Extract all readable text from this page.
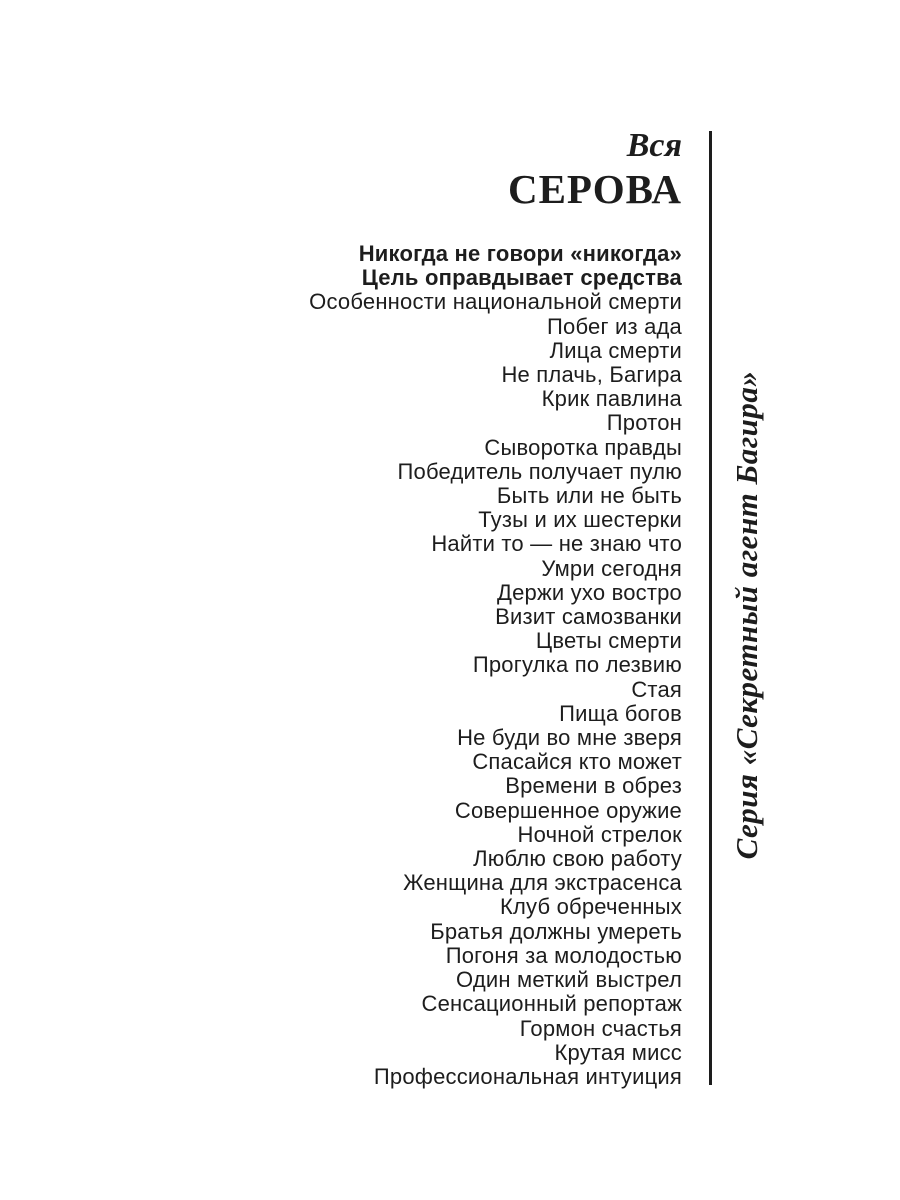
Вся
СЕРОВА
Никогда не говори «никогда»
Цель оправдывает средства
Особенности национальной смерти
Побег из ада
Лица смерти
Не плачь, Багира
Крик павлина
Протон
Сыворотка правды
Победитель получает пулю
Быть или не быть
Тузы и их шестерки
Найти то — не знаю что
Умри сегодня
Держи ухо востро
Визит самозванки
Цветы смерти
Прогулка по лезвию
Стая
Пища богов
Не буди во мне зверя
Спасайся кто может
Времени в обрез
Совершенное оружие
Ночной стрелок
Люблю свою работу
Женщина для экстрасенса
Клуб обреченных
Братья должны умереть
Погоня за молодостью
Один меткий выстрел
Сенсационный репортаж
Гормон счастья
Крутая мисс
Профессиональная интуиция
Серия «Секретный агент Багира»
